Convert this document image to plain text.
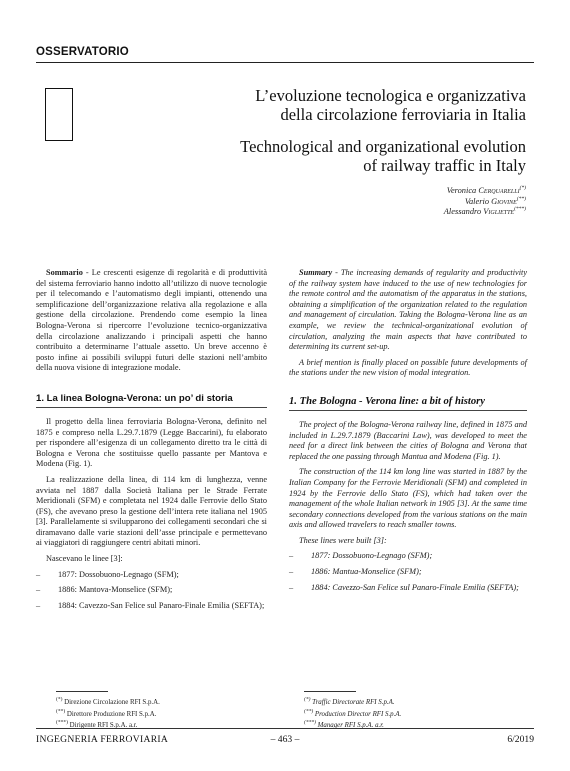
OSSERVATORIO
L’evoluzione tecnologica e organizzativa
della circolazione ferroviaria in Italia
Technological and organizational evolution
of railway traffic in Italy
Veronica Cerquarelli(*)
Valerio Giovine(**)
Alessandro Vigliette(***)

Sommario - Le crescenti esigenze di regolarità e di produttività del sistema ferroviario hanno indotto all’utilizzo di nuove tecnologie per il telecomando e l’automatismo degli impianti, ottenendo una semplificazione dell’organizzazione relativa alla regolazione e alla gestione della circolazione. Prendendo come esempio la linea Bologna-Verona si ripercorre l’evoluzione tecnico-organizzativa della circolazione analizzando i principali aspetti che hanno contribuito a determinarne l’attuale assetto. Un breve accenno è posto infine ai possibili sviluppi futuri delle stazioni nell’ambito della nuova visione di integrazione modale.

1. La linea Bologna-Verona: un po’ di storia

Il progetto della linea ferroviaria Bologna-Verona, definito nel 1875 e compreso nella L.29.7.1879 (Legge Baccarini), fu elaborato per rispondere all’esigenza di un collegamento diretto tra le città di Bologna e Verona che sostituisse quello passante per Mantova e Modena (Fig. 1).

La realizzazione della linea, di 114 km di lunghezza, venne avviata nel 1887 dalla Società Italiana per le Strade Ferrate Meridionali (SFM) e completata nel 1924 dalle Ferrovie dello Stato (FS), che avevano preso la gestione dell’intera rete italiana nel 1905 [3]. Parallelamente si svilupparono dei collegamenti secondari che si diramavano dalle varie stazioni dell’asse principale e permettevano ai viaggiatori di raggiungere centri abitati minori.

Nascevano le linee [3]:

– 1877: Dossobuono-Legnago (SFM);
– 1886: Mantova-Monselice (SFM);
– 1884: Cavezzo-San Felice sul Panaro-Finale Emilia (SEFTA);

Summary - The increasing demands of regularity and productivity of the railway system have induced to the use of new technologies for the remote control and the automatism of the apparatus in the stations, obtaining a simplification of the organization related to the regulation and management of circulation. Taking the Bologna-Verona line as an example, we review the technical-organizational evolution of circulation, analyzing the main aspects that have contributed to determining its current set-up.

A brief mention is finally placed on possible future developments of the stations under the new vision of modal integration.

1. The Bologna - Verona line: a bit of history

The project of the Bologna-Verona railway line, defined in 1875 and included in L.29.7.1879 (Baccarini Law), was developed to meet the need for a direct link between the cities of Bologna and Verona that replaced the one passing through Mantua and Modena (Fig. 1).

The construction of the 114 km long line was started in 1887 by the Italian Company for the Ferrovie Meridionali (SFM) and completed in 1924 by the Ferrovie dello Stato (FS), which had taken over the management of the whole Italian network in 1905 [3]. At the same time secondary connections developed from the various stations on the main axis and allowed travelers to reach smaller towns.

These lines were built [3]:

– 1877: Dossobuono-Legnago (SFM);
– 1886: Mantua-Monselice (SFM);
– 1884: Cavezzo-San Felice sul Panaro-Finale Emilia (SEFTA);
(*) Direzione Circolazione RFI S.p.A.
(**) Direttore Produzione RFI S.p.A.
(***) Dirigente RFI S.p.A. a.r.
(*) Traffic Directorate RFI S.p.A.
(**) Production Director RFI S.p.A.
(***) Manager RFI S.p.A. a.r.
INGEGNERIA FERROVIARIA	– 463 –	6/2019
